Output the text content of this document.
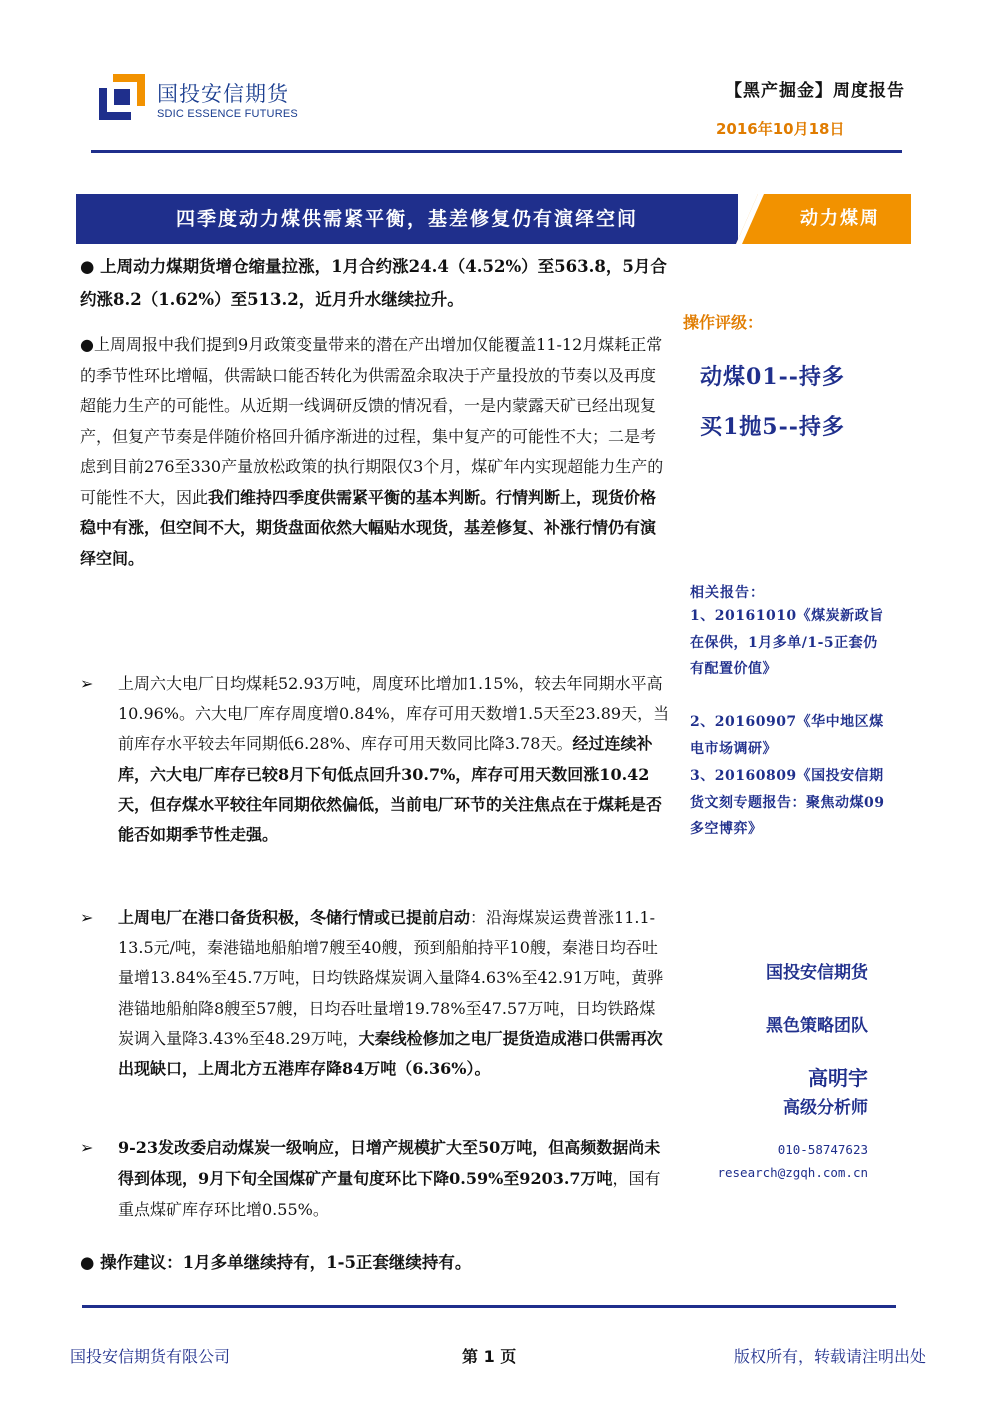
国投安信期货
SDIC ESSENCE FUTURES
【黑产掘金】周度报告
2016年10月18日
四季度动力煤供需紧平衡，基差修复仍有演绎空间	动力煤周
● 上周动力煤期货增仓缩量拉涨，1月合约涨24.4（4.52%）至563.8，5月合约涨8.2（1.62%）至513.2，近月升水继续拉升。
●上周周报中我们提到9月政策变量带来的潜在产出增加仅能覆盖11-12月煤耗正常的季节性环比增幅，供需缺口能否转化为供需盈余取决于产量投放的节奏以及再度超能力生产的可能性。从近期一线调研反馈的情况看，一是内蒙露天矿已经出现复产，但复产节奏是伴随价格回升循序渐进的过程，集中复产的可能性不大；二是考虑到目前276至330产量放松政策的执行期限仅3个月，煤矿年内实现超能力生产的可能性不大，因此我们维持四季度供需紧平衡的基本判断。行情判断上，现货价格稳中有涨，但空间不大，期货盘面依然大幅贴水现货，基差修复、补涨行情仍有演绎空间。
➢	上周六大电厂日均煤耗52.93万吨，周度环比增加1.15%，较去年同期水平高10.96%。六大电厂库存周度增0.84%，库存可用天数增1.5天至23.89天，当前库存水平较去年同期低6.28%、库存可用天数同比降3.78天。经过连续补库，六大电厂库存已较8月下旬低点回升30.7%，库存可用天数回涨10.42天，但存煤水平较往年同期依然偏低，当前电厂环节的关注焦点在于煤耗是否能否如期季节性走强。
➢	上周电厂在港口备货积极，冬储行情或已提前启动：沿海煤炭运费普涨11.1-13.5元/吨，秦港锚地船舶增7艘至40艘，预到船舶持平10艘，秦港日均吞吐量增13.84%至45.7万吨，日均铁路煤炭调入量降4.63%至42.91万吨，黄骅港锚地船舶降8艘至57艘，日均吞吐量增19.78%至47.57万吨，日均铁路煤炭调入量降3.43%至48.29万吨，大秦线检修加之电厂提货造成港口供需再次出现缺口，上周北方五港库存降84万吨（6.36%）。
➢	9-23发改委启动煤炭一级响应，日增产规模扩大至50万吨，但高频数据尚未得到体现，9月下旬全国煤矿产量旬度环比下降0.59%至9203.7万吨，国有重点煤矿库存环比增0.55%。
● 操作建议：1月多单继续持有，1-5正套继续持有。
操作评级：
动煤01--持多
买1抛5--持多
相关报告：
1、20161010《煤炭新政旨在保供，1月多单/1-5正套仍有配置价值》
2、20160907《华中地区煤电市场调研》
3、20160809《国投安信期货文刻专题报告：聚焦动煤09多空博弈》
国投安信期货
黑色策略团队
高明宇
高级分析师
010-58747623
research@zgqh.com.cn
国投安信期货有限公司	第 1 页	版权所有，转载请注明出处
